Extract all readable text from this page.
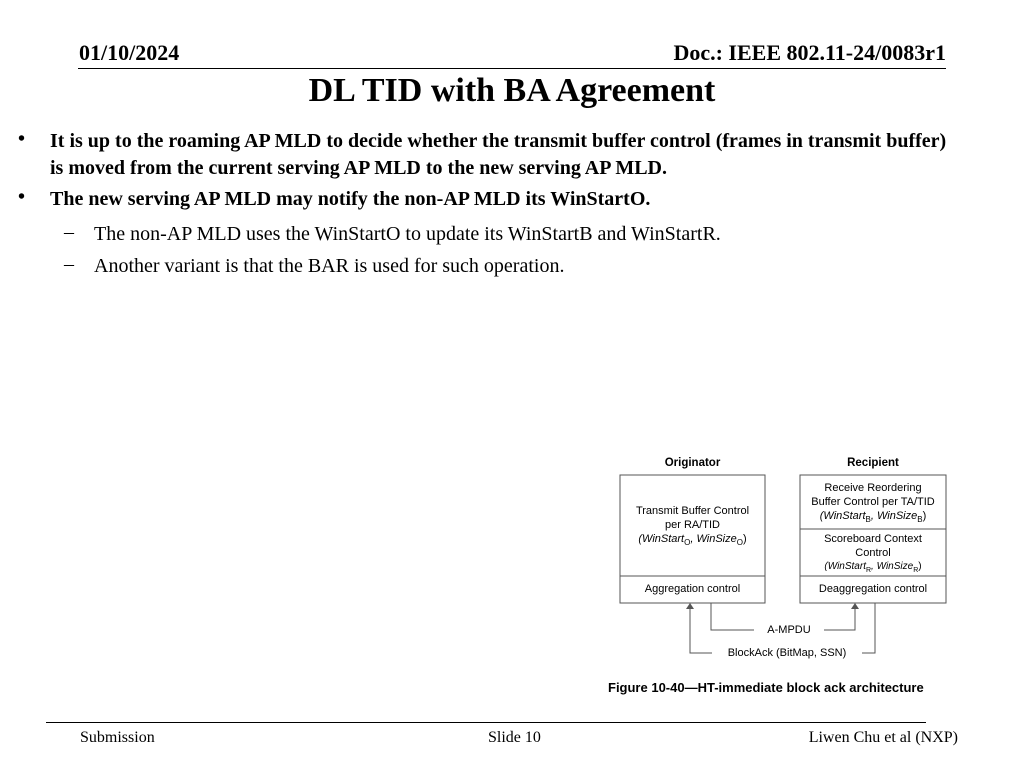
01/10/2024	Doc.: IEEE 802.11-24/0083r1
DL TID with BA Agreement
• It is up to the roaming AP MLD to decide whether the transmit buffer control (frames in transmit buffer) is moved from the current serving AP MLD to the new serving AP MLD.
• The new serving AP MLD may notify the non-AP MLD its WinStartO.
– The non-AP MLD uses the WinStartO to update its WinStartB and WinStartR.
– Another variant is that the BAR is used for such operation.
Originator	Recipient
Transmit Buffer Control
per RA/TID
(WinStart$_O$, WinSize$_O$)
Aggregation control
Receive Reordering
Buffer Control per TA/TID
(WinStart$_B$, WinSize$_B$)
Scoreboard Context
Control
(WinStart$_R$, WinSize$_R$)
Deaggregation control
A-MPDU
BlockAck (BitMap, SSN)
Figure 10-40—HT-immediate block ack architecture
Submission	Slide 10	Liwen Chu et al (NXP)
